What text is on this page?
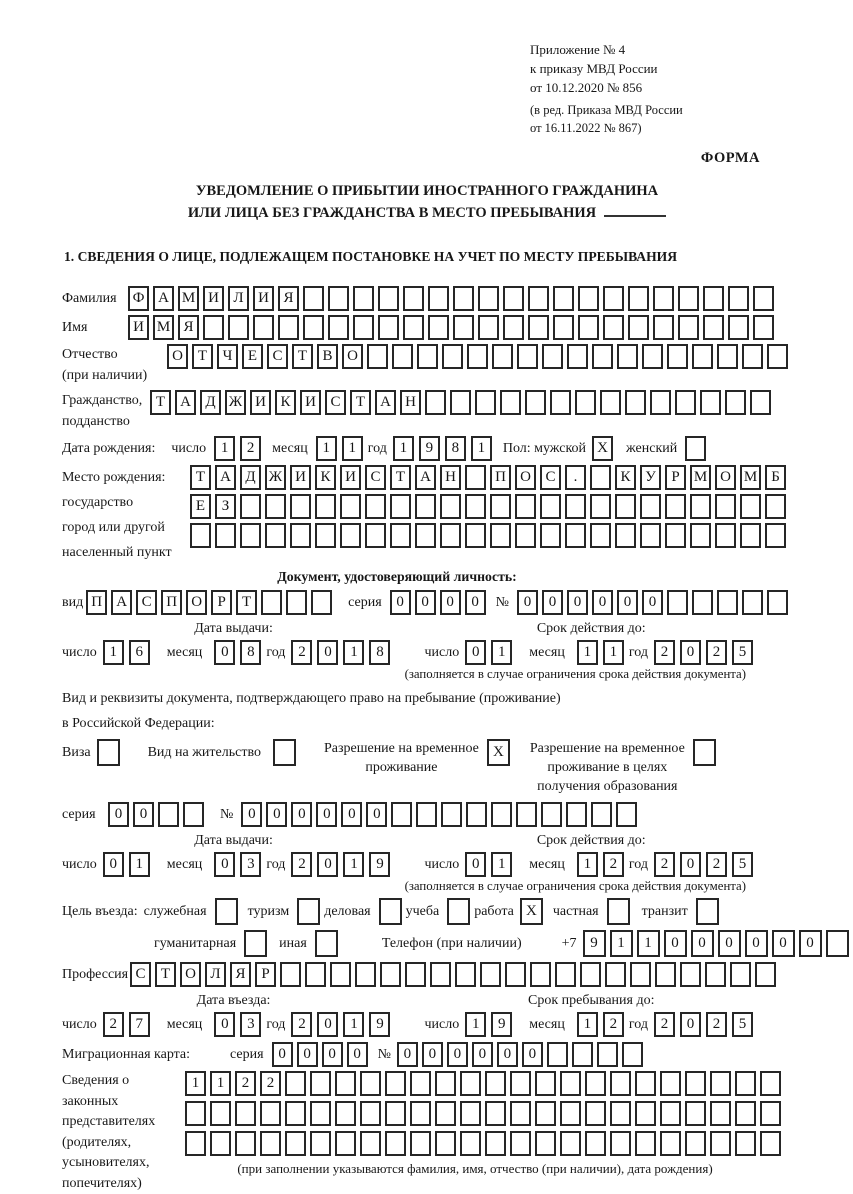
Приложение № 4
к приказу МВД России
от 10.12.2020 № 856
(в ред. Приказа МВД России
от 16.11.2022 № 867)
ФОРМА
УВЕДОМЛЕНИЕ О ПРИБЫТИИ ИНОСТРАННОГО ГРАЖДАНИНА
ИЛИ ЛИЦА БЕЗ ГРАЖДАНСТВА В МЕСТО ПРЕБЫВАНИЯ
1. СВЕДЕНИЯ О ЛИЦЕ, ПОДЛЕЖАЩЕМ ПОСТАНОВКЕ НА УЧЕТ ПО МЕСТУ ПРЕБЫВАНИЯ
Фамилия	Ф А М И Л И Я
Имя	И М Я
Отчество
(при наличии)
О Т Ч Е С Т В О
Гражданство,
подданство
Т А Д Ж И К И С Т А Н
Дата рождения: число 1 2	месяц 1 1 год 1 9 8 1	Пол: мужской X	женский
Место рождения:
государство
город или другой
населенный пункт
Т А Д Ж И К И С Т А Н	П О С .	К У Р М О М Б
Е З
Документ, удостоверяющий личность:
вид П А С П О Р Т	серия 0 0 0 0	№ 0 0 0 0 0 0
Дата выдачи:
число 1 6	месяц	0 8 год 2 0 1 8
Срок действия до:
число 0 1	месяц	1 1 год 2 0 2 5
(заполняется в случае ограничения срока действия документа)
Вид и реквизиты документа, подтверждающего право на пребывание (проживание)
в Российской Федерации:
Виза	Вид на жительство	Разрешение на временное
проживание
X	Разрешение на временное
проживание в целях
получения образования
серия	0 0	№ 0 0 0 0 0 0
Дата выдачи:
число 0 1	месяц	0 3 год 2 0 1 9
Срок действия до:
число 0 1	месяц	1 2 год 2 0 2 5
(заполняется в случае ограничения срока действия документа)
Цель въезда: служебная	туризм	деловая	учеба	работа X	частная	транзит
гуманитарная	иная	Телефон (при наличии)	+7 9 1 1 0 0 0 0 0 0
Профессия С Т О Л Я Р
Дата въезда:
число 2 7	месяц	0 3 год 2 0 1 9
Срок пребывания до:
число 1 9	месяц	1 2 год 2 0 2 5
Миграционная карта:	серия 0 0 0 0	№ 0 0 0 0 0 0
Сведения о
законных
представителях
(родителях,
усыновителях,
попечителях)
1 1 2 2
(при заполнении указываются фамилия, имя, отчество (при наличии), дата рождения)
